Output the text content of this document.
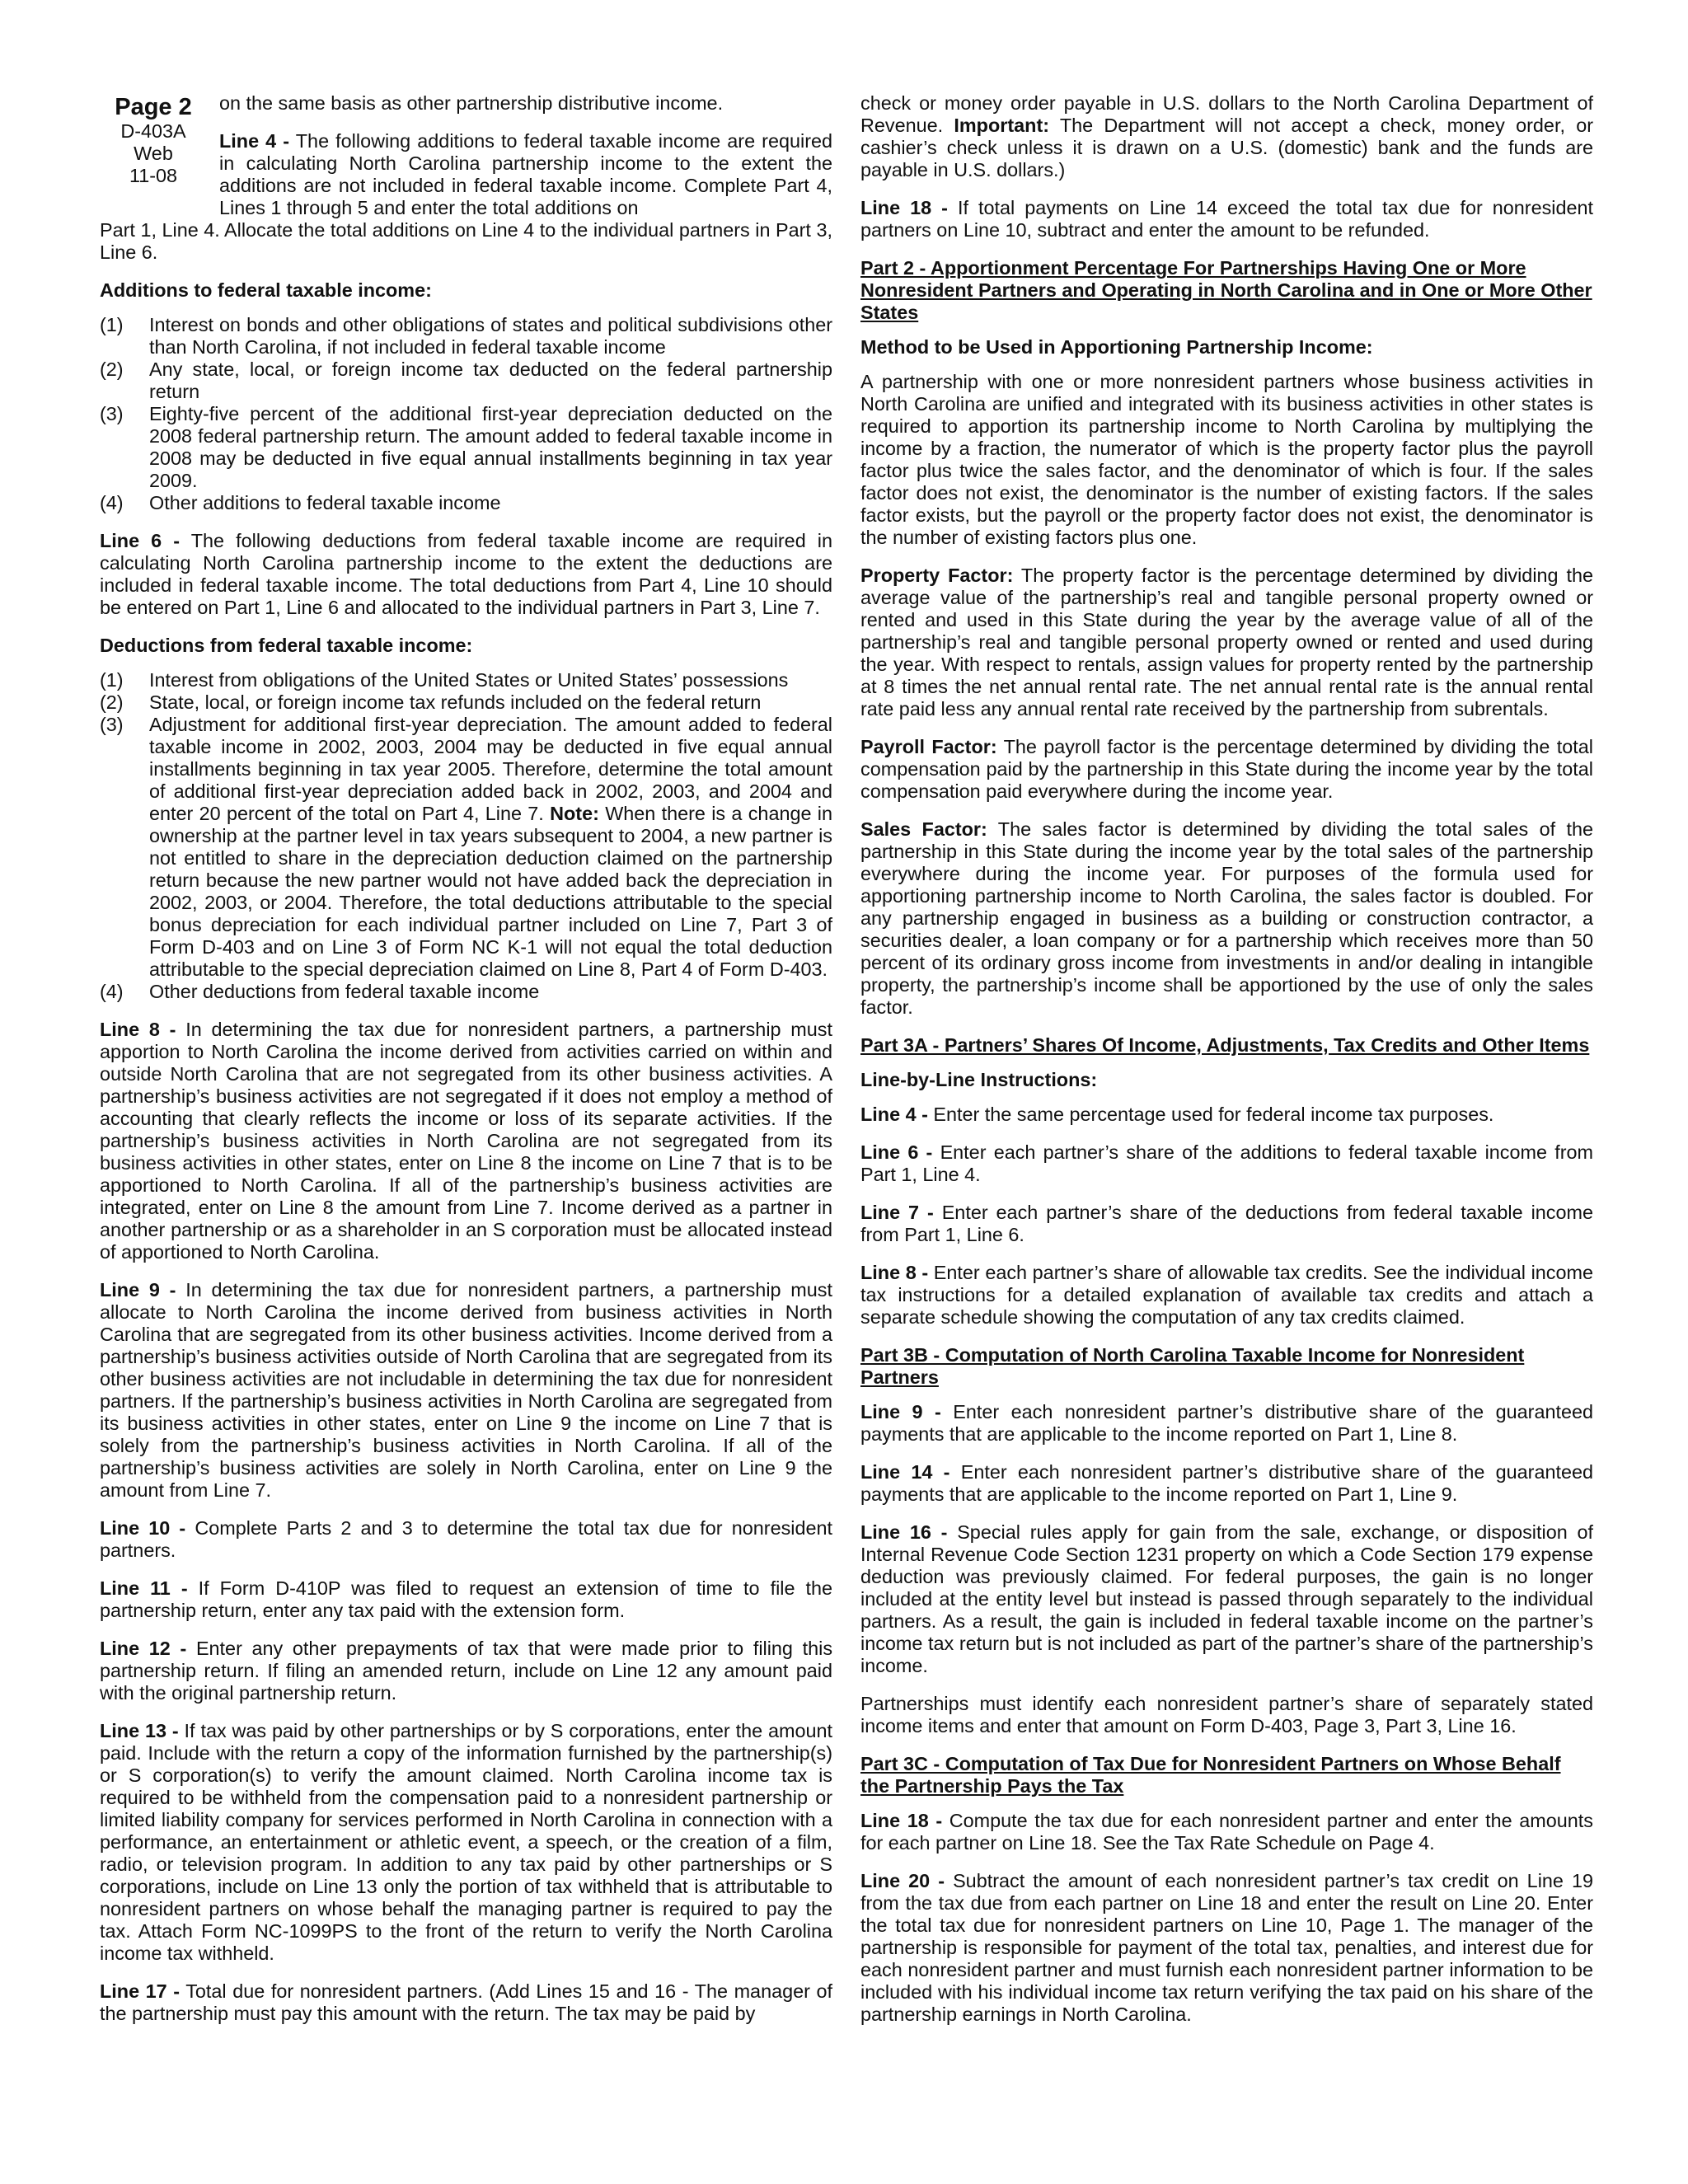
Page 2
D-403A
Web
11-08

on the same basis as other partnership distributive income.

Line 4 - The following additions to federal taxable income are required in calculating North Carolina partnership income to the extent the additions are not included in federal taxable income. Complete Part 4, Lines 1 through 5 and enter the total additions on

Part 1, Line 4. Allocate the total additions on Line 4 to the individual partners in Part 3, Line 6.

Additions to federal taxable income:

(1) Interest on bonds and other obligations of states and political subdivisions other than North Carolina, if not included in federal taxable income
(2) Any state, local, or foreign income tax deducted on the federal partnership return
(3) Eighty-five percent of the additional first-year depreciation deducted on the 2008 federal partnership return. The amount added to federal taxable income in 2008 may be deducted in five equal annual installments beginning in tax year 2009.
(4) Other additions to federal taxable income

Line 6 - The following deductions from federal taxable income are required in calculating North Carolina partnership income to the extent the deductions are included in federal taxable income. The total deductions from Part 4, Line 10 should be entered on Part 1, Line 6 and allocated to the individual partners in Part 3, Line 7.

Deductions from federal taxable income:

(1) Interest from obligations of the United States or United States’ possessions
(2) State, local, or foreign income tax refunds included on the federal return
(3) Adjustment for additional first-year depreciation. The amount added to federal taxable income in 2002, 2003, 2004 may be deducted in five equal annual installments beginning in tax year 2005. Therefore, determine the total amount of additional first-year depreciation added back in 2002, 2003, and 2004 and enter 20 percent of the total on Part 4, Line 7. Note: When there is a change in ownership at the partner level in tax years subsequent to 2004, a new partner is not entitled to share in the depreciation deduction claimed on the partnership return because the new partner would not have added back the depreciation in 2002, 2003, or 2004. Therefore, the total deductions attributable to the special bonus depreciation for each individual partner included on Line 7, Part 3 of Form D-403 and on Line 3 of Form NC K-1 will not equal the total deduction attributable to the special depreciation claimed on Line 8, Part 4 of Form D-403.
(4) Other deductions from federal taxable income

Line 8 - In determining the tax due for nonresident partners, a partnership must apportion to North Carolina the income derived from activities carried on within and outside North Carolina that are not segregated from its other business activities. A partnership’s business activities are not segregated if it does not employ a method of accounting that clearly reflects the income or loss of its separate activities. If the partnership’s business activities in North Carolina are not segregated from its business activities in other states, enter on Line 8 the income on Line 7 that is to be apportioned to North Carolina. If all of the partnership’s business activities are integrated, enter on Line 8 the amount from Line 7. Income derived as a partner in another partnership or as a shareholder in an S corporation must be allocated instead of apportioned to North Carolina.

Line 9 - In determining the tax due for nonresident partners, a partnership must allocate to North Carolina the income derived from business activities in North Carolina that are segregated from its other business activities. Income derived from a partnership’s business activities outside of North Carolina that are segregated from its other business activities are not includable in determining the tax due for nonresident partners. If the partnership’s business activities in North Carolina are segregated from its business activities in other states, enter on Line 9 the income on Line 7 that is solely from the partnership’s business activities in North Carolina. If all of the partnership’s business activities are solely in North Carolina, enter on Line 9 the amount from Line 7.

Line 10 - Complete Parts 2 and 3 to determine the total tax due for nonresident partners.

Line 11 - If Form D-410P was filed to request an extension of time to file the partnership return, enter any tax paid with the extension form.

Line 12 - Enter any other prepayments of tax that were made prior to filing this partnership return. If filing an amended return, include on Line 12 any amount paid with the original partnership return.

Line 13 - If tax was paid by other partnerships or by S corporations, enter the amount paid. Include with the return a copy of the information furnished by the partnership(s) or S corporation(s) to verify the amount claimed. North Carolina income tax is required to be withheld from the compensation paid to a nonresident partnership or limited liability company for services performed in North Carolina in connection with a performance, an entertainment or athletic event, a speech, or the creation of a film, radio, or television program. In addition to any tax paid by other partnerships or S corporations, include on Line 13 only the portion of tax withheld that is attributable to nonresident partners on whose behalf the managing partner is required to pay the tax. Attach Form NC-1099PS to the front of the return to verify the North Carolina income tax withheld.

Line 17 - Total due for nonresident partners. (Add Lines 15 and 16 - The manager of the partnership must pay this amount with the return. The tax may be paid by

check or money order payable in U.S. dollars to the North Carolina Department of Revenue. Important: The Department will not accept a check, money order, or cashier’s check unless it is drawn on a U.S. (domestic) bank and the funds are payable in U.S. dollars.)

Line 18 - If total payments on Line 14 exceed the total tax due for nonresident partners on Line 10, subtract and enter the amount to be refunded.

Part 2 - Apportionment Percentage For Partnerships Having One or More Nonresident Partners and Operating in North Carolina and in One or More Other States

Method to be Used in Apportioning Partnership Income:

A partnership with one or more nonresident partners whose business activities in North Carolina are unified and integrated with its business activities in other states is required to apportion its partnership income to North Carolina by multiplying the income by a fraction, the numerator of which is the property factor plus the payroll factor plus twice the sales factor, and the denominator of which is four. If the sales factor does not exist, the denominator is the number of existing factors. If the sales factor exists, but the payroll or the property factor does not exist, the denominator is the number of existing factors plus one.

Property Factor: The property factor is the percentage determined by dividing the average value of the partnership’s real and tangible personal property owned or rented and used in this State during the year by the average value of all of the partnership’s real and tangible personal property owned or rented and used during the year. With respect to rentals, assign values for property rented by the partnership at 8 times the net annual rental rate. The net annual rental rate is the annual rental rate paid less any annual rental rate received by the partnership from subrentals.

Payroll Factor: The payroll factor is the percentage determined by dividing the total compensation paid by the partnership in this State during the income year by the total compensation paid everywhere during the income year.

Sales Factor: The sales factor is determined by dividing the total sales of the partnership in this State during the income year by the total sales of the partnership everywhere during the income year. For purposes of the formula used for apportioning partnership income to North Carolina, the sales factor is doubled. For any partnership engaged in business as a building or construction contractor, a securities dealer, a loan company or for a partnership which receives more than 50 percent of its ordinary gross income from investments in and/or dealing in intangible property, the partnership’s income shall be apportioned by the use of only the sales factor.

Part 3A - Partners’ Shares Of Income, Adjustments, Tax Credits and Other Items

Line-by-Line Instructions:

Line 4 - Enter the same percentage used for federal income tax purposes.

Line 6 - Enter each partner’s share of the additions to federal taxable income from Part 1, Line 4.

Line 7 - Enter each partner’s share of the deductions from federal taxable income from Part 1, Line 6.

Line 8 - Enter each partner’s share of allowable tax credits. See the individual income tax instructions for a detailed explanation of available tax credits and attach a separate schedule showing the computation of any tax credits claimed.

Part 3B - Computation of North Carolina Taxable Income for Nonresident Partners

Line 9 - Enter each nonresident partner’s distributive share of the guaranteed payments that are applicable to the income reported on Part 1, Line 8.

Line 14 - Enter each nonresident partner’s distributive share of the guaranteed payments that are applicable to the income reported on Part 1, Line 9.

Line 16 - Special rules apply for gain from the sale, exchange, or disposition of Internal Revenue Code Section 1231 property on which a Code Section 179 expense deduction was previously claimed. For federal purposes, the gain is no longer included at the entity level but instead is passed through separately to the individual partners. As a result, the gain is included in federal taxable income on the partner’s income tax return but is not included as part of the partner’s share of the partnership’s income.

Partnerships must identify each nonresident partner’s share of separately stated income items and enter that amount on Form D-403, Page 3, Part 3, Line 16.

Part 3C - Computation of Tax Due for Nonresident Partners on Whose Behalf the Partnership Pays the Tax

Line 18 - Compute the tax due for each nonresident partner and enter the amounts for each partner on Line 18. See the Tax Rate Schedule on Page 4.

Line 20 - Subtract the amount of each nonresident partner’s tax credit on Line 19 from the tax due from each partner on Line 18 and enter the result on Line 20. Enter the total tax due for nonresident partners on Line 10, Page 1. The manager of the partnership is responsible for payment of the total tax, penalties, and interest due for each nonresident partner and must furnish each nonresident partner information to be included with his individual income tax return verifying the tax paid on his share of the partnership earnings in North Carolina.
